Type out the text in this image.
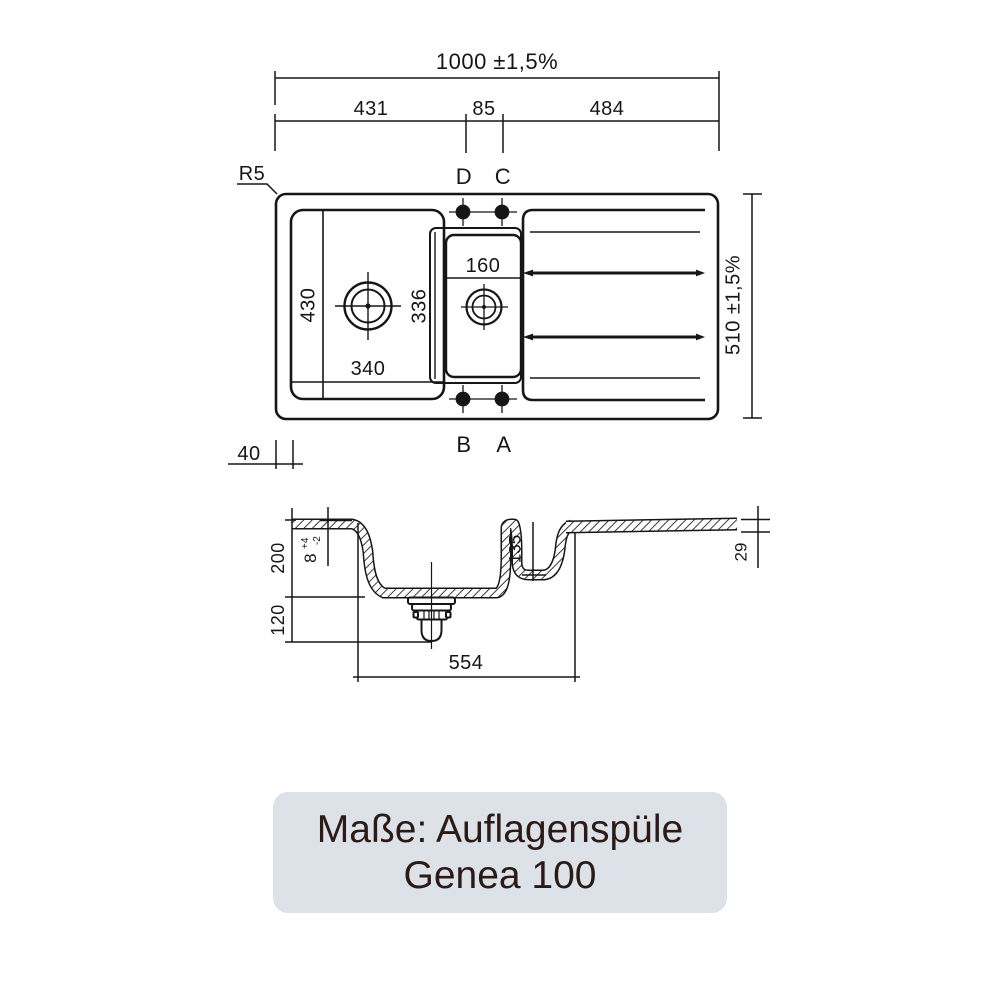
1000 ±1,5%
431	85	484
R5	D C
B A
430
340
336
160	510 ±1,5%
40
200
120
8 $^{+4}$ -2	135	29
554
Maße: Auflagenspüle
Genea 100
